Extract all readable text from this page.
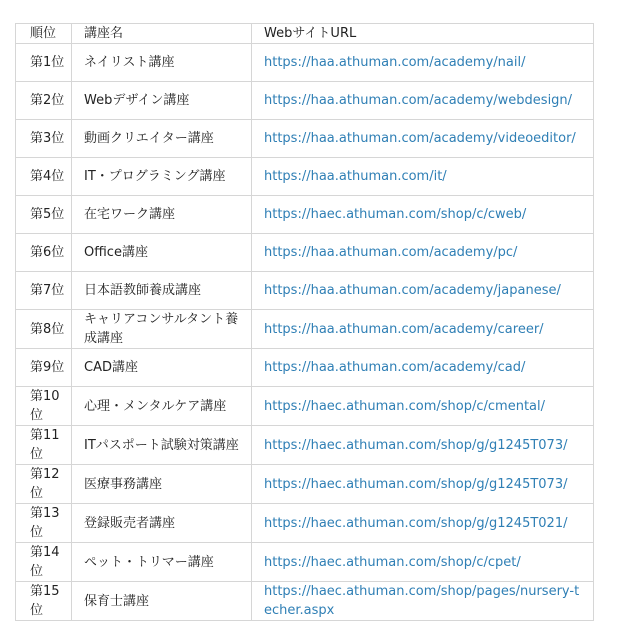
順位	講座名	WebサイトURL
第1位	ネイリスト講座	https://haa.athuman.com/academy/nail/
第2位	Webデザイン講座	https://haa.athuman.com/academy/webdesign/
第3位	動画クリエイター講座	https://haa.athuman.com/academy/videoeditor/
第4位	IT・プログラミング講座	https://haa.athuman.com/it/
第5位	在宅ワーク講座	https://haec.athuman.com/shop/c/cweb/
第6位	Office講座	https://haa.athuman.com/academy/pc/
第7位	日本語教師養成講座	https://haa.athuman.com/academy/japanese/
第8位	キャリアコンサルタント養成講座	https://haa.athuman.com/academy/career/
第9位	CAD講座	https://haa.athuman.com/academy/cad/
第10位	心理・メンタルケア講座	https://haec.athuman.com/shop/c/cmental/
第11位	ITパスポート試験対策講座	https://haec.athuman.com/shop/g/g1245T073/
第12位	医療事務講座	https://haec.athuman.com/shop/g/g1245T073/
第13位	登録販売者講座	https://haec.athuman.com/shop/g/g1245T021/
第14位	ペット・トリマー講座	https://haec.athuman.com/shop/c/cpet/
第15位	保育士講座	https://haec.athuman.com/shop/pages/nursery-techer.aspx
